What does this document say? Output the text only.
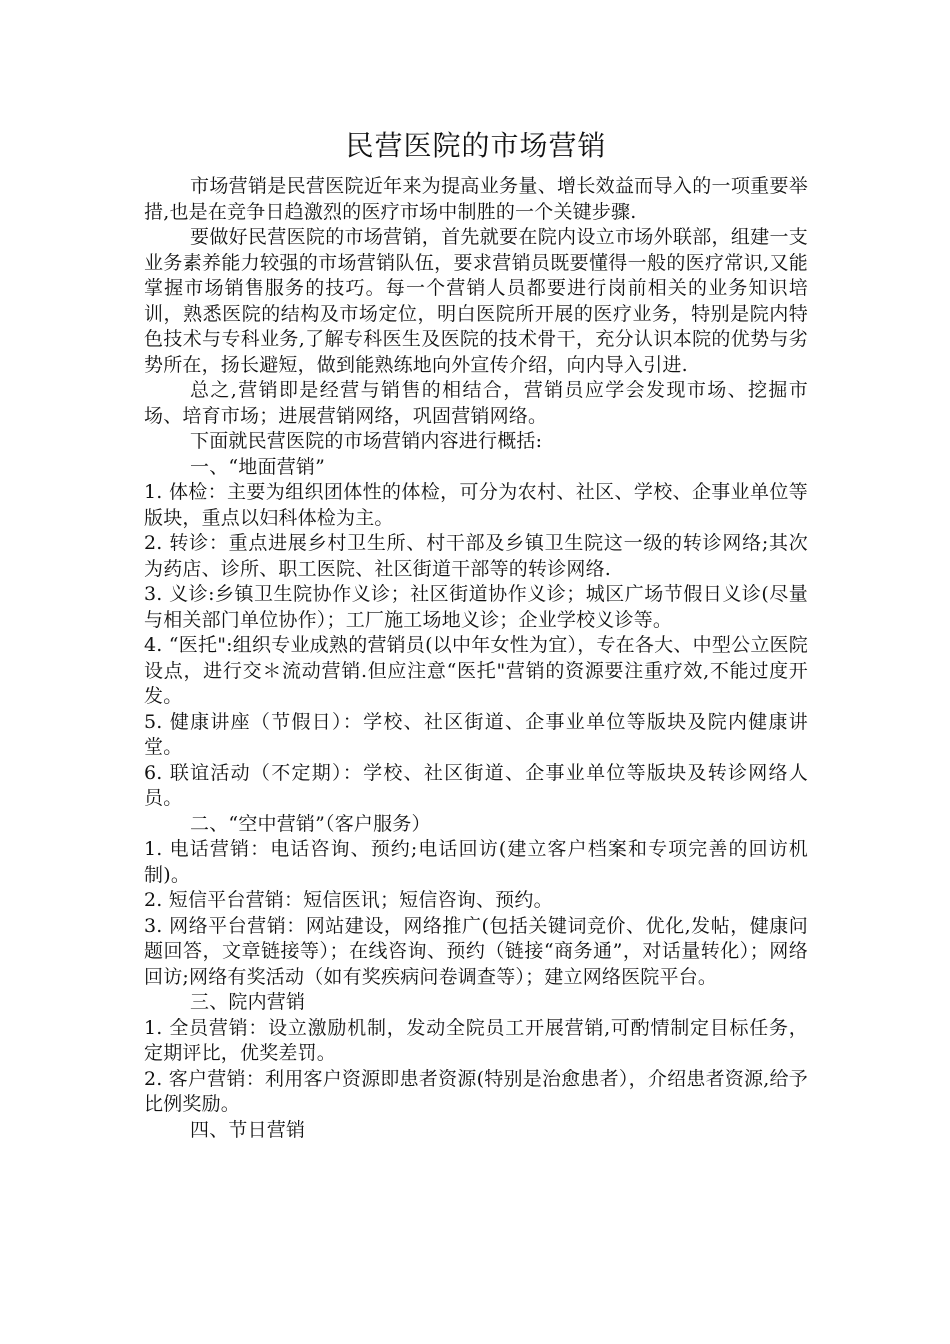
民营医院的市场营销

市场营销是民营医院近年来为提高业务量、增长效益而导入的一项重要举措,也是在竞争日趋激烈的医疗市场中制胜的一个关键步骤.

要做好民营医院的市场营销，首先就要在院内设立市场外联部，组建一支业务素养能力较强的市场营销队伍，要求营销员既要懂得一般的医疗常识,又能掌握市场销售服务的技巧。每一个营销人员都要进行岗前相关的业务知识培训，熟悉医院的结构及市场定位，明白医院所开展的医疗业务，特别是院内特色技术与专科业务,了解专科医生及医院的技术骨干，充分认识本院的优势与劣势所在，扬长避短，做到能熟练地向外宣传介绍，向内导入引进.

总之,营销即是经营与销售的相结合，营销员应学会发现市场、挖掘市场、培育市场；进展营销网络，巩固营销网络。

下面就民营医院的市场营销内容进行概括:

一、“地面营销”

1. 体检：主要为组织团体性的体检，可分为农村、社区、学校、企事业单位等版块，重点以妇科体检为主。

2. 转诊：重点进展乡村卫生所、村干部及乡镇卫生院这一级的转诊网络;其次为药店、诊所、职工医院、社区街道干部等的转诊网络.

3. 义诊:乡镇卫生院协作义诊；社区街道协作义诊；城区广场节假日义诊(尽量与相关部门单位协作）；工厂施工场地义诊；企业学校义诊等。

4. “医托":组织专业成熟的营销员(以中年女性为宜），专在各大、中型公立医院设点，进行交＊流动营销.但应注意“医托"营销的资源要注重疗效,不能过度开发。

5. 健康讲座（节假日）：学校、社区街道、企事业单位等版块及院内健康讲堂。

6. 联谊活动（不定期）：学校、社区街道、企事业单位等版块及转诊网络人员。

二、“空中营销”（客户服务）

1. 电话营销：电话咨询、预约;电话回访(建立客户档案和专项完善的回访机制)。

2. 短信平台营销：短信医讯；短信咨询、预约。

3. 网络平台营销：网站建设，网络推广(包括关键词竞价、优化,发帖，健康问题回答，文章链接等）；在线咨询、预约（链接“商务通”，对话量转化）；网络回访;网络有奖活动（如有奖疾病问卷调查等）；建立网络医院平台。

三、院内营销

1. 全员营销：设立激励机制，发动全院员工开展营销,可酌情制定目标任务，定期评比，优奖差罚。

2. 客户营销：利用客户资源即患者资源(特别是治愈患者），介绍患者资源,给予比例奖励。

四、节日营销
